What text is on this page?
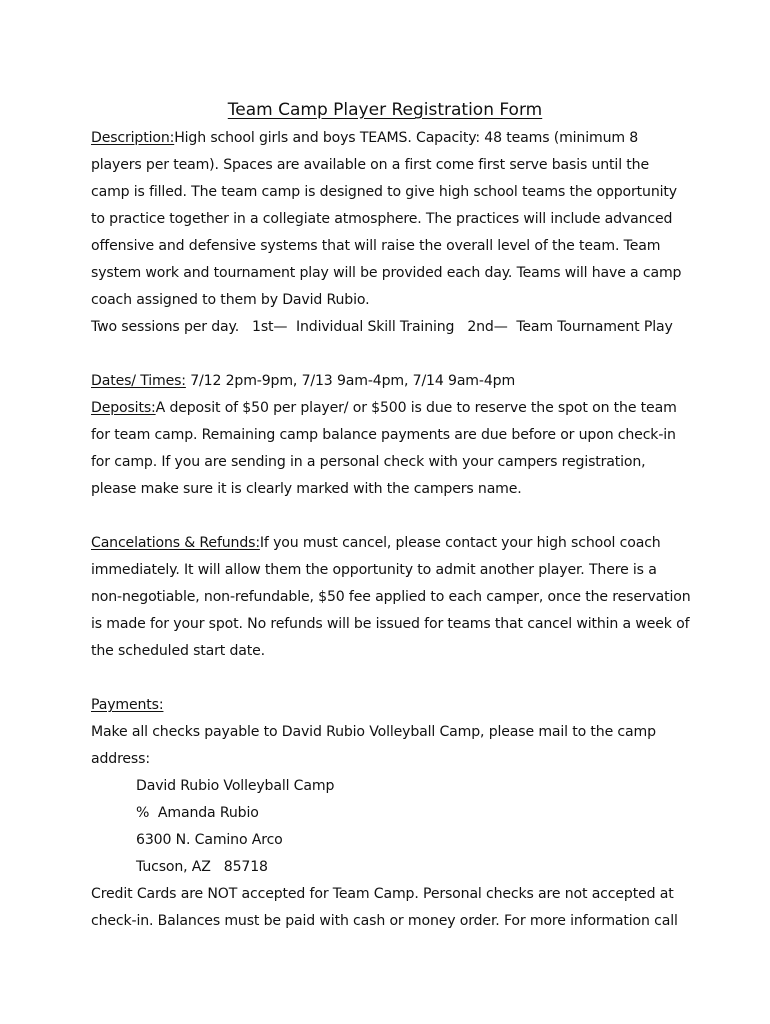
Team Camp Player Registration Form

Description:High school girls and boys TEAMS. Capacity: 48 teams (minimum 8 players per team). Spaces are available on a first come first serve basis until the camp is filled. The team camp is designed to give high school teams the opportunity to practice together in a collegiate atmosphere. The practices will include advanced offensive and defensive systems that will raise the overall level of the team. Team system work and tournament play will be provided each day. Teams will have a camp coach assigned to them by David Rubio.

Two sessions per day.   1st—  Individual Skill Training   2nd—  Team Tournament Play

Dates/ Times: 7/12 2pm-9pm, 7/13 9am-4pm, 7/14 9am-4pm

Deposits:A deposit of $50 per player/ or $500 is due to reserve the spot on the team for team camp. Remaining camp balance payments are due before or upon check-in for camp. If you are sending in a personal check with your campers registration, please make sure it is clearly marked with the campers name.

Cancelations & Refunds:If you must cancel, please contact your high school coach immediately. It will allow them the opportunity to admit another player. There is a non-negotiable, non-refundable, $50 fee applied to each camper, once the reservation is made for your spot. No refunds will be issued for teams that cancel within a week of the scheduled start date.

Payments:

Make all checks payable to David Rubio Volleyball Camp, please mail to the camp address:

David Rubio Volleyball Camp

%  Amanda Rubio

6300 N. Camino Arco

Tucson, AZ   85718

Credit Cards are NOT accepted for Team Camp. Personal checks are not accepted at check-in. Balances must be paid with cash or money order. For more information call
